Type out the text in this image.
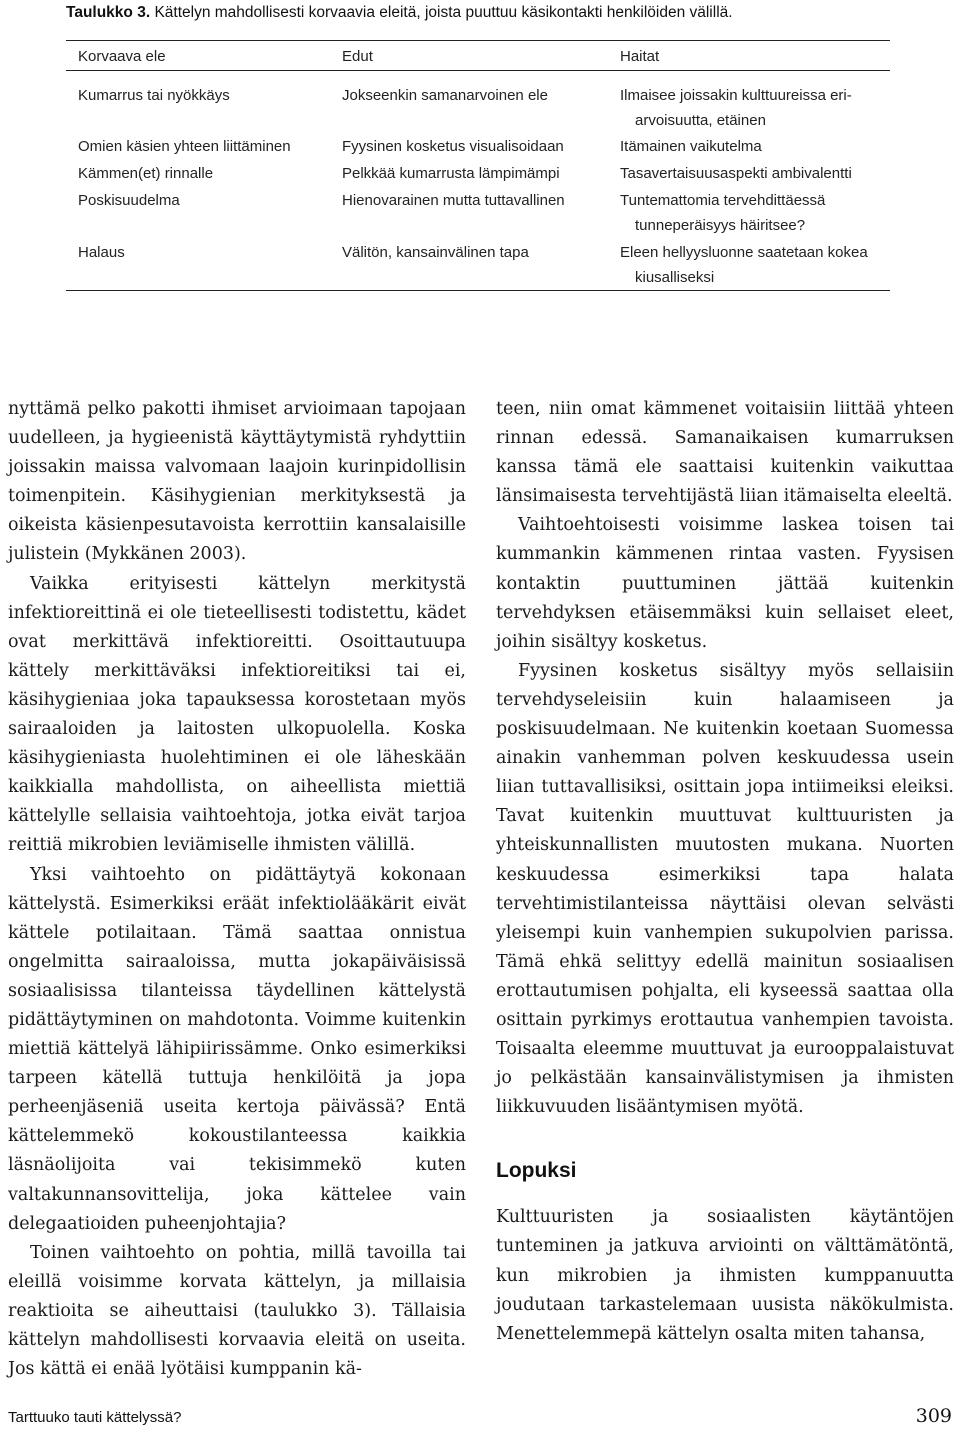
Taulukko 3. Kättelyn mahdollisesti korvaavia eleitä, joista puuttuu käsikontakti henkilöiden välillä.
Korvaava ele	Edut	Haitat
Kumarrus tai nyökkäys	Jokseenkin samanarvoinen ele	Ilmaisee joissakin kulttuureissa eri-
arvoisuutta, etäinen
Omien käsien yhteen liittäminen	Fyysinen kosketus visualisoidaan	Itämainen vaikutelma
Kämmen(et) rinnalle	Pelkkää kumarrusta lämpimämpi	Tasavertaisuusaspekti ambivalentti
Poskisuudelma	Hienovarainen mutta tuttavallinen	Tuntemattomia tervehdittäessä
tunneperäisyys häiritsee?
Halaus	Välitön, kansainvälinen tapa	Eleen hellyysluonne saatetaan kokea
kiusalliseksi

nyttämä pelko pakotti ihmiset arvioimaan tapojaan uudelleen, ja hygieenistä käyttäytymistä ryhdyttiin joissakin maissa valvomaan laajoin kurinpidollisin toimenpitein. Käsihygienian merkityksestä ja oikeista käsienpesutavoista kerrottiin kansalaisille julistein (Mykkänen 2003).

Vaikka erityisesti kättelyn merkitystä infektioreittinä ei ole tieteellisesti todistettu, kädet ovat merkittävä infektioreitti. Osoittautuupa kättely merkittäväksi infektioreitiksi tai ei, käsihygieniaa joka tapauksessa korostetaan myös sairaaloiden ja laitosten ulkopuolella. Koska käsihygieniasta huolehtiminen ei ole läheskään kaikkialla mahdollista, on aiheellista miettiä kättelylle sellaisia vaihtoehtoja, jotka eivät tarjoa reittiä mikrobien leviämiselle ihmisten välillä.

Yksi vaihtoehto on pidättäytyä kokonaan kättelystä. Esimerkiksi eräät infektiolääkärit eivät kättele potilaitaan. Tämä saattaa onnistua ongelmitta sairaaloissa, mutta jokapäiväisissä sosiaalisissa tilanteissa täydellinen kättelystä pidättäytyminen on mahdotonta. Voimme kuitenkin miettiä kättelyä lähipiirissämme. Onko esimerkiksi tarpeen kätellä tuttuja henkilöitä ja jopa perheenjäseniä useita kertoja päivässä? Entä kättelemmekö kokoustilanteessa kaikkia läsnäolijoita vai tekisimmekö kuten valtakunnansovittelija, joka kättelee vain delegaatioiden puheenjohtajia?

Toinen vaihtoehto on pohtia, millä tavoilla tai eleillä voisimme korvata kättelyn, ja millaisia reaktioita se aiheuttaisi (taulukko 3). Tällaisia kättelyn mahdollisesti korvaavia eleitä on useita. Jos kättä ei enää lyötäisi kumppanin kä-

teen, niin omat kämmenet voitaisiin liittää yhteen rinnan edessä. Samanaikaisen kumarruksen kanssa tämä ele saattaisi kuitenkin vaikuttaa länsimaisesta tervehtijästä liian itämaiselta eleeltä.

Vaihtoehtoisesti voisimme laskea toisen tai kummankin kämmenen rintaa vasten. Fyysisen kontaktin puuttuminen jättää kuitenkin tervehdyksen etäisemmäksi kuin sellaiset eleet, joihin sisältyy kosketus.

Fyysinen kosketus sisältyy myös sellaisiin tervehdyseleisiin kuin halaamiseen ja poskisuudelmaan. Ne kuitenkin koetaan Suomessa ainakin vanhemman polven keskuudessa usein liian tuttavallisiksi, osittain jopa intiimeiksi eleiksi. Tavat kuitenkin muuttuvat kulttuuristen ja yhteiskunnallisten muutosten mukana. Nuorten keskuudessa esimerkiksi tapa halata tervehtimistilanteissa näyttäisi olevan selvästi yleisempi kuin vanhempien sukupolvien parissa. Tämä ehkä selittyy edellä mainitun sosiaalisen erottautumisen pohjalta, eli kyseessä saattaa olla osittain pyrkimys erottautua vanhempien tavoista. Toisaalta eleemme muuttuvat ja eurooppalaistuvat jo pelkästään kansainvälistymisen ja ihmisten liikkuvuuden lisääntymisen myötä.

Lopuksi

Kulttuuristen ja sosiaalisten käytäntöjen tunteminen ja jatkuva arviointi on välttämätöntä, kun mikrobien ja ihmisten kumppanuutta joudutaan tarkastelemaan uusista näkökulmista. Menettelemmepä kättelyn osalta miten tahansa,

Tarttuuko tauti kättelyssä?	309
